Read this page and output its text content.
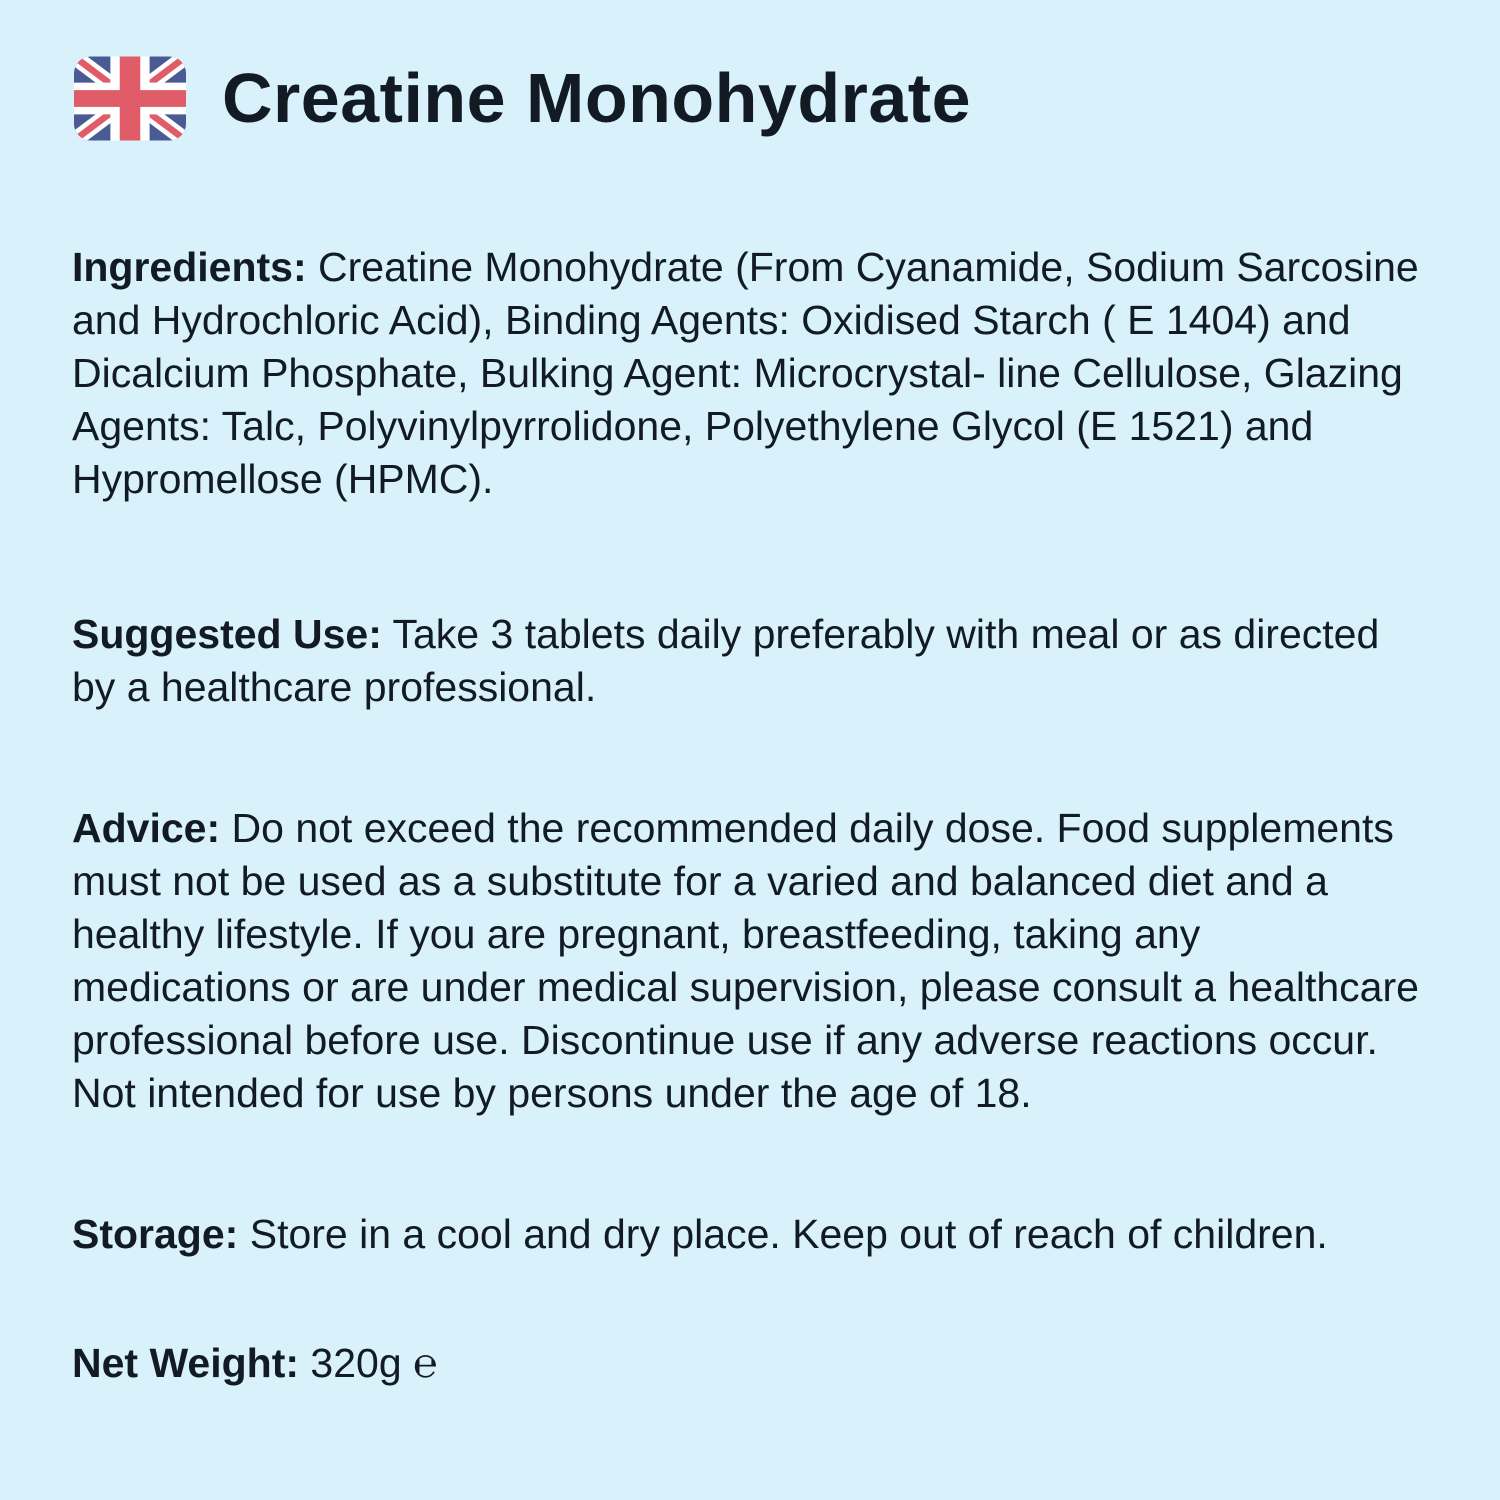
Creatine Monohydrate

Ingredients: Creatine Monohydrate (From Cyanamide, Sodium Sarcosine and Hydrochloric Acid), Binding Agents: Oxidised Starch ( E 1404) and Dicalcium Phosphate, Bulking Agent: Microcrystal- line Cellulose, Glazing Agents: Talc, Polyvinylpyrrolidone, Polyethylene Glycol (E 1521) and Hypromellose (HPMC).

Suggested Use: Take 3 tablets daily preferably with meal or as directed by a healthcare professional.

Advice: Do not exceed the recommended daily dose. Food supplements must not be used as a substitute for a varied and balanced diet and a healthy lifestyle. If you are pregnant, breastfeeding, taking any medications or are under medical supervision, please consult a healthcare professional before use. Discontinue use if any adverse reactions occur. Not intended for use by persons under the age of 18.

Storage: Store in a cool and dry place. Keep out of reach of children.

Net Weight: 320g ℮
